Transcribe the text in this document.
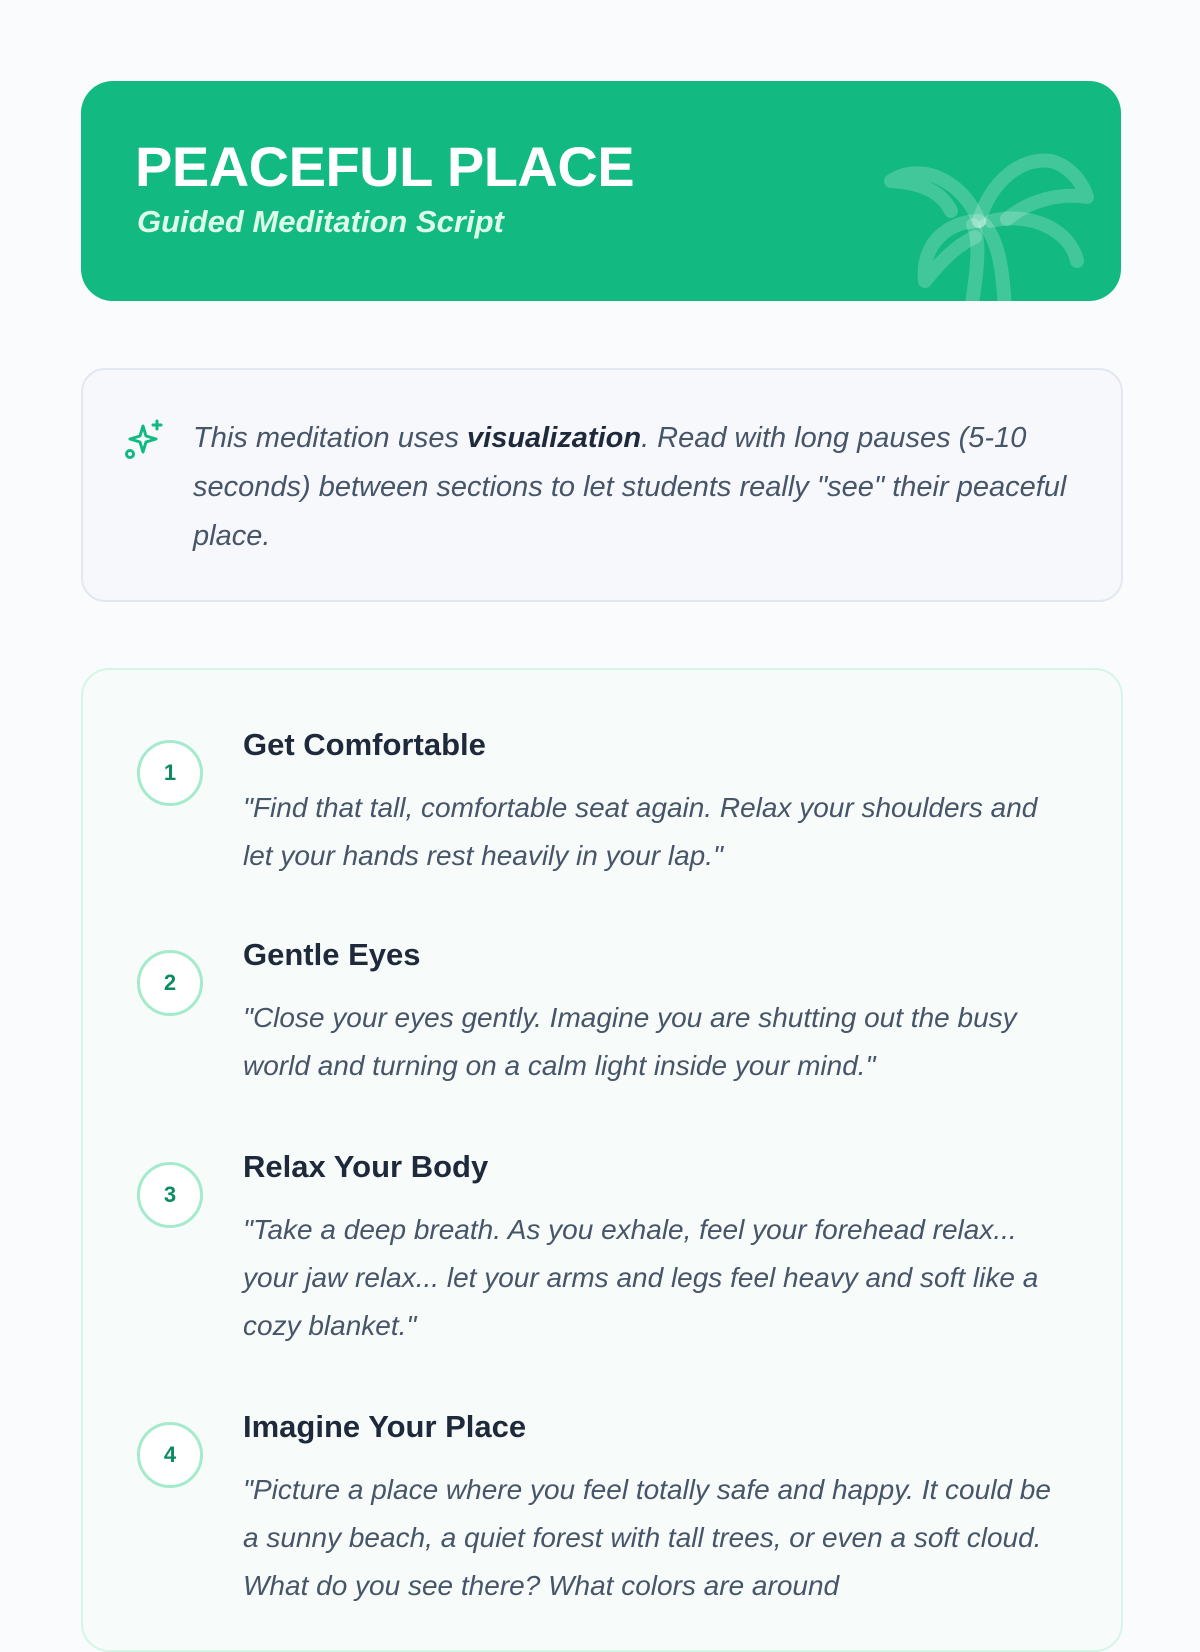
PEACEFUL PLACE

Guided Meditation Script

This meditation uses visualization. Read with long pauses (5-10 seconds) between sections to let students really "see" their peaceful place.

1
Get Comfortable

"Find that tall, comfortable seat again. Relax your shoulders and let your hands rest heavily in your lap."

2
Gentle Eyes

"Close your eyes gently. Imagine you are shutting out the busy world and turning on a calm light inside your mind."

3
Relax Your Body

"Take a deep breath. As you exhale, feel your forehead relax... your jaw relax... let your arms and legs feel heavy and soft like a cozy blanket."

4
Imagine Your Place

"Picture a place where you feel totally safe and happy. It could be a sunny beach, a quiet forest with tall trees, or even a soft cloud. What do you see there? What colors are around
